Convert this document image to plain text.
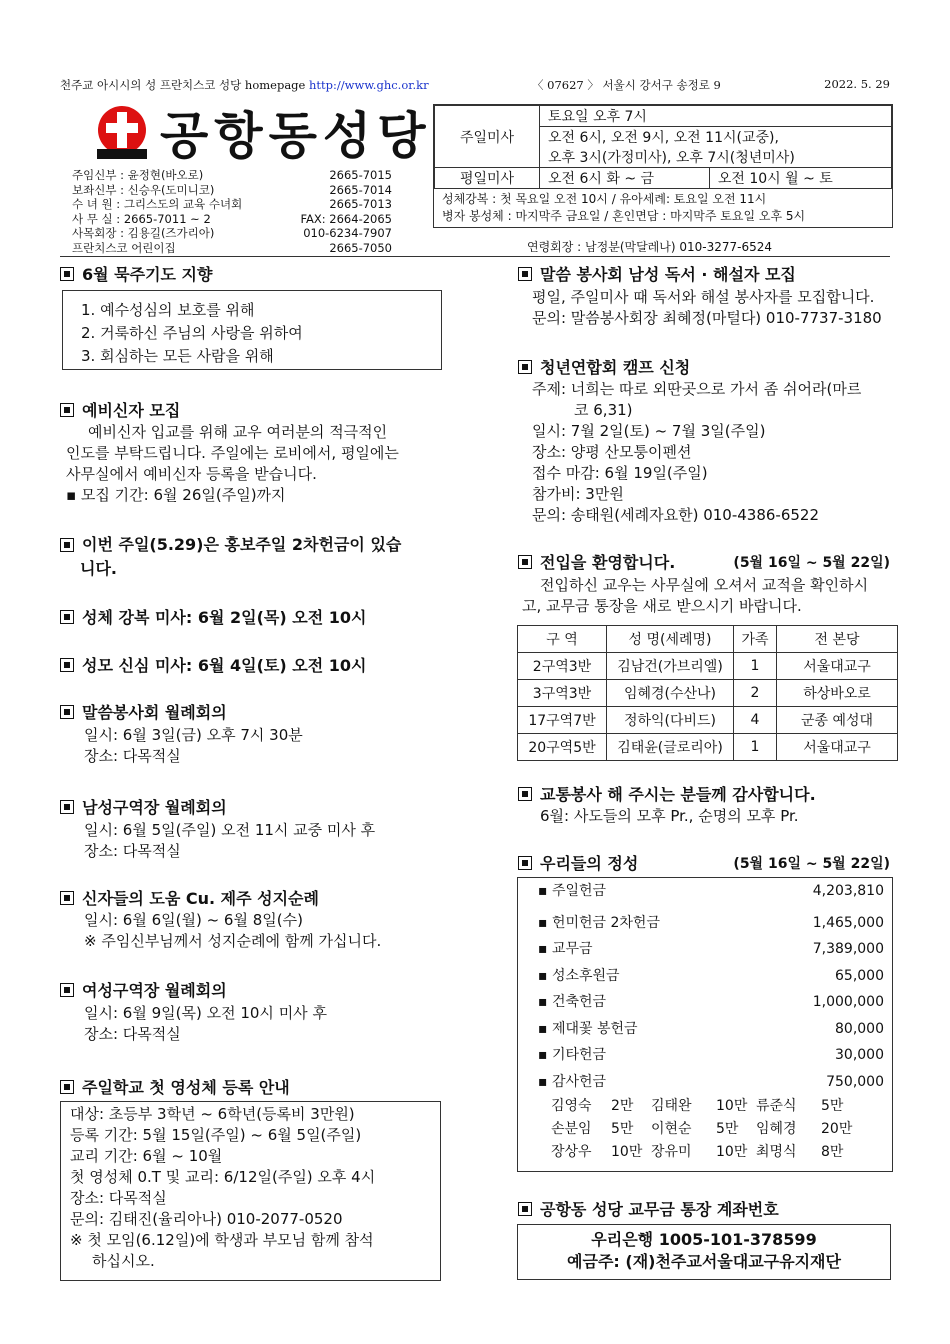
천주교 아시시의 성 프란치스코 성당 homepage http://www.ghc.or.kr	〈 07627 〉 서울시 강서구 송정로 9	2022. 5. 29
공항동성당
주임신부 : 윤정현(바오로)	2665-7015
보좌신부 : 신승우(도미니코)	2665-7014
수 녀 원 : 그리스도의 교육 수녀회	2665-7013
사 무 실 : 2665-7011 ~ 2	FAX: 2664-2065
사목회장 : 김용길(즈가리아)	010-6234-7907
프란치스코 어린이집	2665-7050
주일미사	토요일 오후 7시	
	오전 6시, 오전 9시, 오전 11시(교중),	
	오후 3시(가정미사), 오후 7시(청년미사)	
평일미사	오전 6시 화 ~ 금	오전 10시 월 ~ 토
성체강복 : 첫 목요일 오전 10시 / 유아세례: 토요일 오전 11시
병자 봉성체 : 마지막주 금요일 / 혼인면담 : 마지막주 토요일 오후 5시
연령회장 : 남정분(막달레나) 010-3277-6524
6월 묵주기도 지향
1. 예수성심의 보호를 위해
2. 거룩하신 주님의 사랑을 위하여
3. 회심하는 모든 사람을 위해
예비신자 모집
예비신자 입교를 위해 교우 여러분의 적극적인
인도를 부탁드립니다. 주일에는 로비에서, 평일에는
사무실에서 예비신자 등록을 받습니다.
▪ 모집 기간: 6월 26일(주일)까지
이번 주일(5.29)은 홍보주일 2차헌금이 있습
니다.
성체 강복 미사: 6월 2일(목) 오전 10시
성모 신심 미사: 6월 4일(토) 오전 10시
말씀봉사회 월례회의
일시: 6월 3일(금) 오후 7시 30분
장소: 다목적실
남성구역장 월례회의
일시: 6월 5일(주일) 오전 11시 교중 미사 후
장소: 다목적실
신자들의 도움 Cu. 제주 성지순례
일시: 6월 6일(월) ~ 6월 8일(수)
※ 주임신부님께서 성지순례에 함께 가십니다.
여성구역장 월례회의
일시: 6월 9일(목) 오전 10시 미사 후
장소: 다목적실
주일학교 첫 영성체 등록 안내
대상: 초등부 3학년 ~ 6학년(등록비 3만원)
등록 기간: 5월 15일(주일) ~ 6월 5일(주일)
교리 기간: 6월 ~ 10월
첫 영성체 0.T 및 교리: 6/12일(주일) 오후 4시
장소: 다목적실
문의: 김태진(율리아나) 010-2077-0520
※ 첫 모임(6.12일)에 학생과 부모님 함께 참석
하십시오.
말씀 봉사회 남성 독서 · 해설자 모집
평일, 주일미사 때 독서와 해설 봉사자를 모집합니다.
문의: 말씀봉사회장 최혜정(마털다) 010-7737-3180
청년연합회 캠프 신청
주제: 너희는 따로 외딴곳으로 가서 좀 쉬어라(마르
코 6,31)
일시: 7월 2일(토) ~ 7월 3일(주일)
장소: 양평 산모퉁이펜션
접수 마감: 6월 19일(주일)
참가비: 3만원
문의: 송태원(세례자요한) 010-4386-6522
전입을 환영합니다.	(5월 16일 ~ 5월 22일)
전입하신 교우는 사무실에 오셔서 교적을 확인하시
고, 교무금 통장을 새로 받으시기 바랍니다.
구 역	성 명(세례명)	가족	전 본당
2구역3반	김남건(가브리엘)	1	서울대교구
3구역3반	임혜경(수산나)	2	하상바오로
17구역7반	정하익(다비드)	4	군종 예성대
20구역5반	김태윤(글로리아)	1	서울대교구
교통봉사 해 주시는 분들께 감사합니다.
6월: 사도들의 모후 Pr., 순명의 모후 Pr.
우리들의 정성	(5월 16일 ~ 5월 22일)
▪ 주일헌금	4,203,810
▪ 헌미헌금 2차헌금	1,465,000
▪ 교무금	7,389,000
▪ 성소후원금	65,000
▪ 건축헌금	1,000,000
▪ 제대꽃 봉헌금	80,000
▪ 기타헌금	30,000
▪ 감사헌금	750,000
김영숙	2만	김태완	10만 류준식	5만
손분임	5만	이현순	5만	임혜경	20만
장상우	10만 장유미	10만 최명식	8만
공항동 성당 교무금 통장 계좌번호
우리은행 1005-101-378599
예금주: (재)천주교서울대교구유지재단
